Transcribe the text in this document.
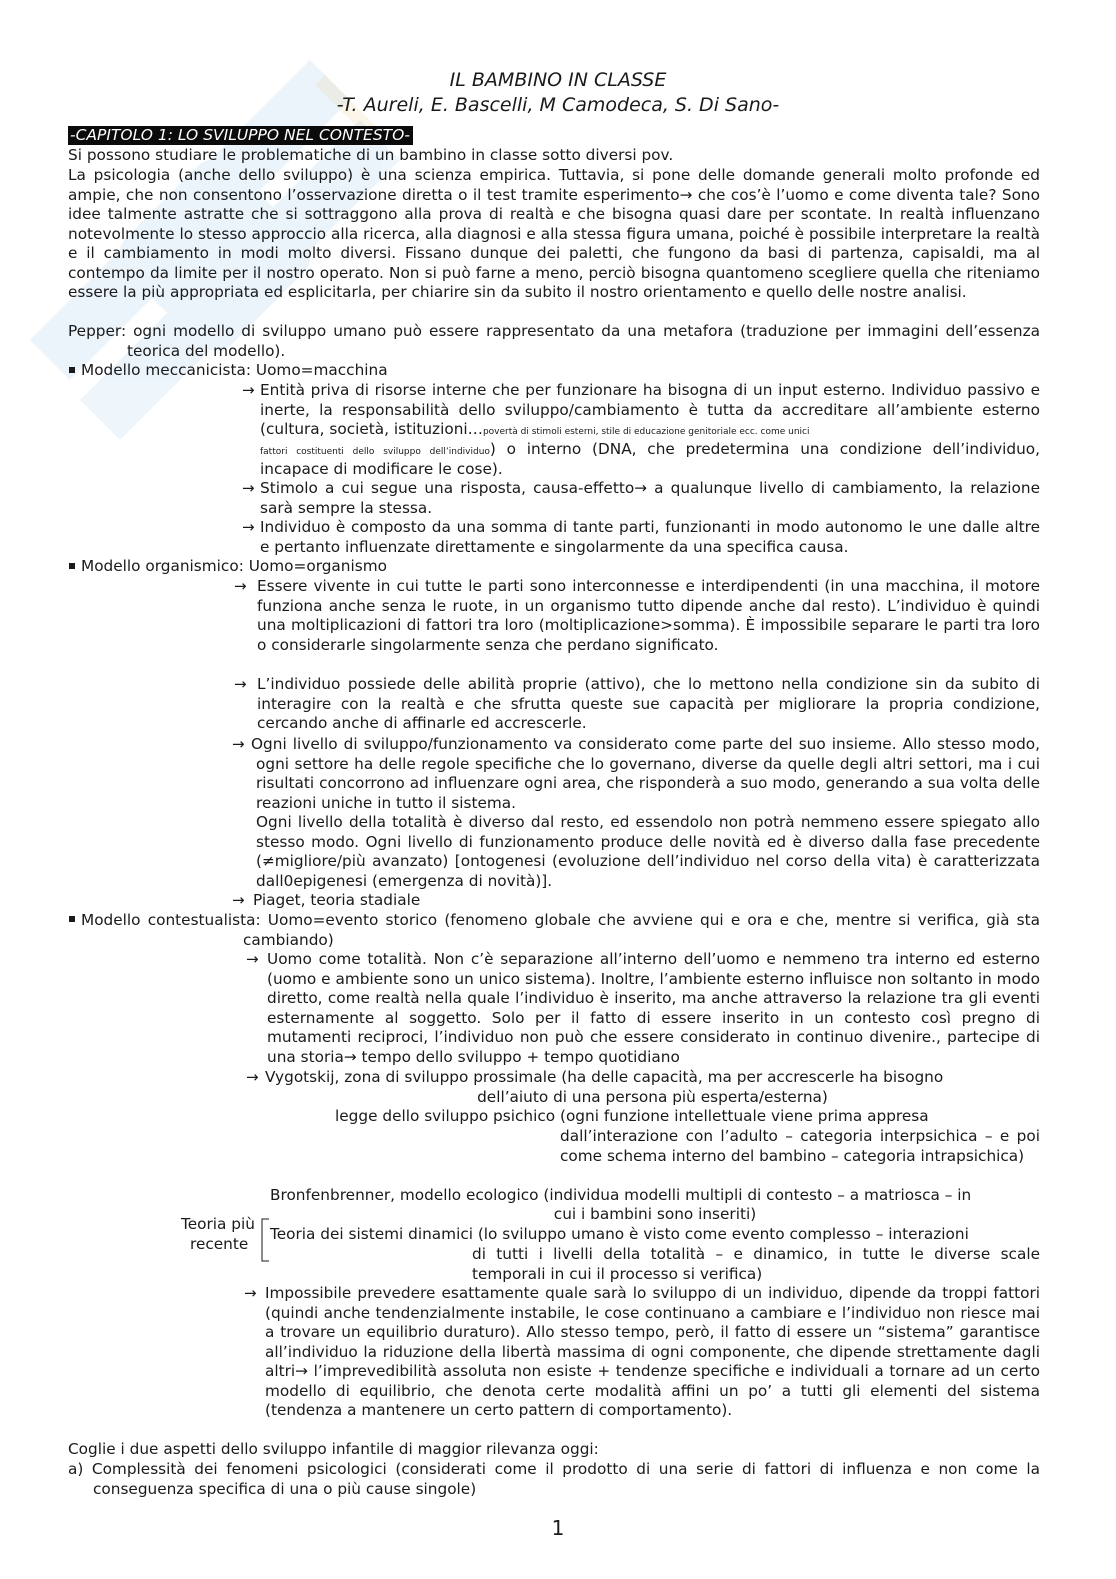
IL BAMBINO IN CLASSE
-T. Aureli, E. Bascelli, M Camodeca, S. Di Sano-
-CAPITOLO 1: LO SVILUPPO NEL CONTESTO-
Si possono studiare le problematiche di un bambino in classe sotto diversi pov.
La psicologia (anche dello sviluppo) è una scienza empirica. Tuttavia, si pone delle domande generali molto profonde ed ampie, che non consentono l’osservazione diretta o il test tramite esperimento→ che cos’è l’uomo e come diventa tale? Sono idee talmente astratte che si sottraggono alla prova di realtà e che bisogna quasi dare per scontate. In realtà influenzano notevolmente lo stesso approccio alla ricerca, alla diagnosi e alla stessa figura umana, poiché è possibile interpretare la realtà e il cambiamento in modi molto diversi. Fissano dunque dei paletti, che fungono da basi di partenza, capisaldi, ma al contempo da limite per il nostro operato. Non si può farne a meno, perciò bisogna quantomeno scegliere quella che riteniamo essere la più appropriata ed esplicitarla, per chiarire sin da subito il nostro orientamento e quello delle nostre analisi.
Pepper: ogni modello di sviluppo umano può essere rappresentato da una metafora (traduzione per immagini dell’essenza teorica del modello).
Modello meccanicista: Uomo=macchina
→ Entità priva di risorse interne che per funzionare ha bisogna di un input esterno. Individuo passivo e inerte, la responsabilità dello sviluppo/cambiamento è tutta da accreditare all’ambiente esterno (cultura, società, istituzioni…povertà di stimoli esterni, stile di educazione genitoriale ecc. come unici
fattori costituenti dello sviluppo dell’individuo) o interno (DNA, che predetermina una condizione dell’individuo, incapace di modificare le cose).
→ Stimolo a cui segue una risposta, causa-effetto→ a qualunque livello di cambiamento, la relazione sarà sempre la stessa.
→ Individuo è composto da una somma di tante parti, funzionanti in modo autonomo le une dalle altre e pertanto influenzate direttamente e singolarmente da una specifica causa.
Modello organismico: Uomo=organismo
→ Essere vivente in cui tutte le parti sono interconnesse e interdipendenti (in una macchina, il motore funziona anche senza le ruote, in un organismo tutto dipende anche dal resto). L’individuo è quindi una moltiplicazioni di fattori tra loro (moltiplicazione>somma). È impossibile separare le parti tra loro o considerarle singolarmente senza che perdano significato.
→ L’individuo possiede delle abilità proprie (attivo), che lo mettono nella condizione sin da subito di interagire con la realtà e che sfrutta queste sue capacità per migliorare la propria condizione, cercando anche di affinarle ed accrescerle.
→ Ogni livello di sviluppo/funzionamento va considerato come parte del suo insieme. Allo stesso modo, ogni settore ha delle regole specifiche che lo governano, diverse da quelle degli altri settori, ma i cui risultati concorrono ad influenzare ogni area, che risponderà a suo modo, generando a sua volta delle reazioni uniche in tutto il sistema.
Ogni livello della totalità è diverso dal resto, ed essendolo non potrà nemmeno essere spiegato allo stesso modo. Ogni livello di funzionamento produce delle novità ed è diverso dalla fase precedente (≠migliore/più avanzato) [ontogenesi (evoluzione dell’individuo nel corso della vita) è caratterizzata dall0epigenesi (emergenza di novità)].
→ Piaget, teoria stadiale
Modello contestualista: Uomo=evento storico (fenomeno globale che avviene qui e ora e che, mentre si verifica, già sta cambiando)
→ Uomo come totalità. Non c’è separazione all’interno dell’uomo e nemmeno tra interno ed esterno (uomo e ambiente sono un unico sistema). Inoltre, l’ambiente esterno influisce non soltanto in modo diretto, come realtà nella quale l’individuo è inserito, ma anche attraverso la relazione tra gli eventi esternamente al soggetto. Solo per il fatto di essere inserito in un contesto così pregno di mutamenti reciproci, l’individuo non può che essere considerato in continuo divenire., partecipe di una storia→ tempo dello sviluppo + tempo quotidiano
→ Vygotskij, zona di sviluppo prossimale (ha delle capacità, ma per accrescerle ha bisogno
dell’aiuto di una persona più esperta/esterna)
legge dello sviluppo psichico (ogni funzione intellettuale viene prima appresa
dall’interazione con l’adulto – categoria interpsichica – e poi come schema interno del bambino – categoria intrapsichica)
Bronfenbrenner, modello ecologico (individua modelli multipli di contesto – a matriosca – in
cui i bambini sono inseriti)
Teoria più
recente
Teoria dei sistemi dinamici (lo sviluppo umano è visto come evento complesso – interazioni
di tutti i livelli della totalità – e dinamico, in tutte le diverse scale temporali in cui il processo si verifica)
→ Impossibile prevedere esattamente quale sarà lo sviluppo di un individuo, dipende da troppi fattori (quindi anche tendenzialmente instabile, le cose continuano a cambiare e l’individuo non riesce mai a trovare un equilibrio duraturo). Allo stesso tempo, però, il fatto di essere un “sistema” garantisce all’individuo la riduzione della libertà massima di ogni componente, che dipende strettamente dagli altri→ l’imprevedibilità assoluta non esiste + tendenze specifiche e individuali a tornare ad un certo modello di equilibrio, che denota certe modalità affini un po’ a tutti gli elementi del sistema (tendenza a mantenere un certo pattern di comportamento).
Coglie i due aspetti dello sviluppo infantile di maggior rilevanza oggi:
a) Complessità dei fenomeni psicologici (considerati come il prodotto di una serie di fattori di influenza e non come la conseguenza specifica di una o più cause singole)
1
